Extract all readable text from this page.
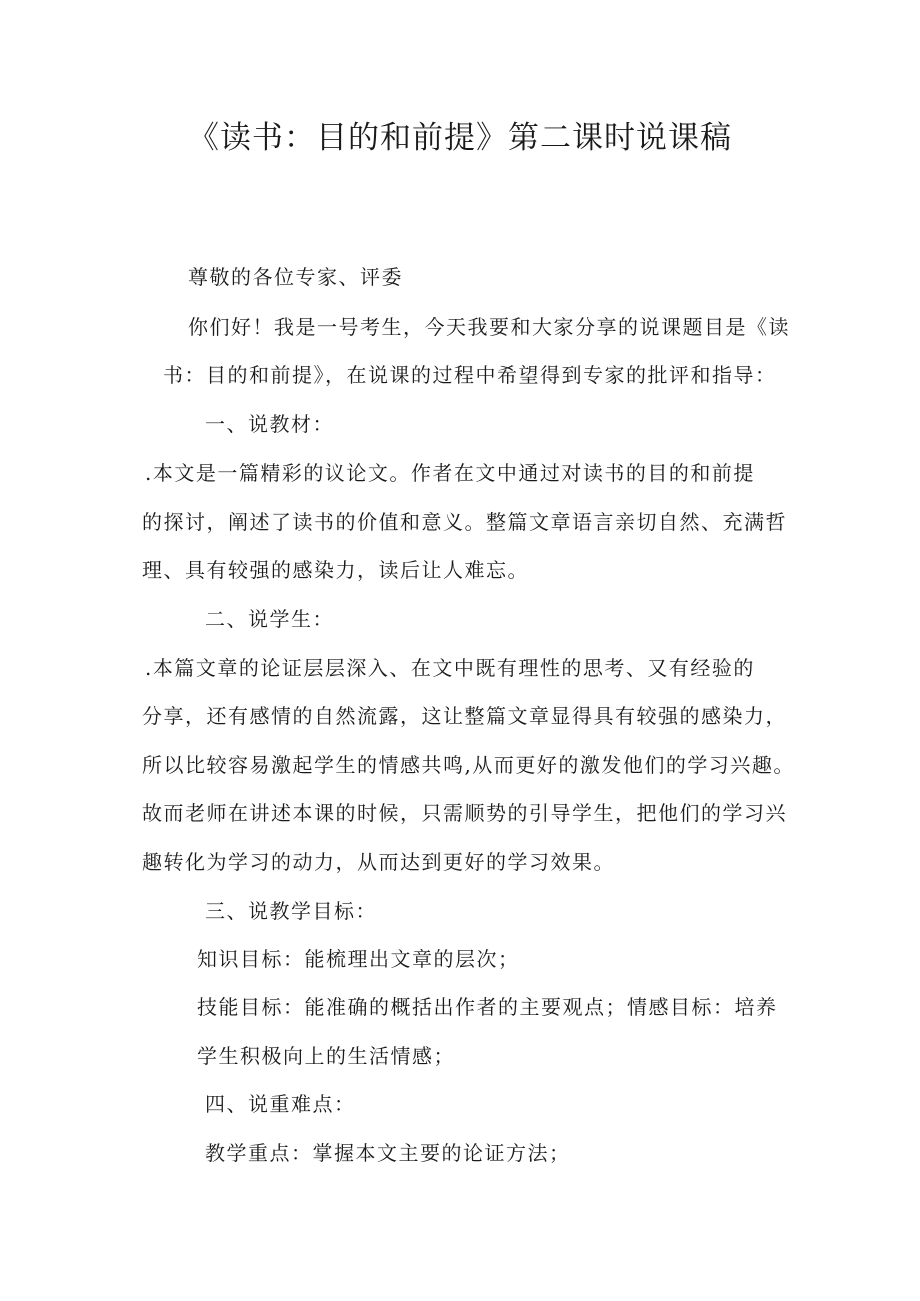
《读书：目的和前提》第二课时说课稿
尊敬的各位专家、评委
你们好！我是一号考生，今天我要和大家分享的说课题目是《读
书：目的和前提》，在说课的过程中希望得到专家的批评和指导：
一、说教材：
.本文是一篇精彩的议论文。作者在文中通过对读书的目的和前提
的探讨，阐述了读书的价值和意义。整篇文章语言亲切自然、充满哲
理、具有较强的感染力，读后让人难忘。
二、说学生：
.本篇文章的论证层层深入、在文中既有理性的思考、又有经验的
分享，还有感情的自然流露，这让整篇文章显得具有较强的感染力，
所以比较容易激起学生的情感共鸣,从而更好的激发他们的学习兴趣。
故而老师在讲述本课的时候，只需顺势的引导学生，把他们的学习兴
趣转化为学习的动力，从而达到更好的学习效果。
三、说教学目标：
知识目标：能梳理出文章的层次；
技能目标：能准确的概括出作者的主要观点；情感目标：培养
学生积极向上的生活情感；
四、说重难点：
教学重点：掌握本文主要的论证方法；
